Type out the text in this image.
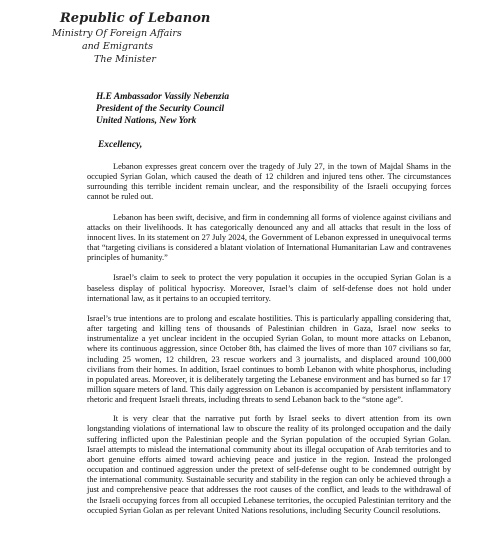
Republic of Lebanon
Ministry Of Foreign Affairs
and Emigrants
The Minister
H.E Ambassador Vassily Nebenzia
President of the Security Council
United Nations, New York
Excellency,

Lebanon expresses great concern over the tragedy of July 27, in the town of Majdal Shams in the occupied Syrian Golan, which caused the death of 12 children and injured tens other. The circumstances surrounding this terrible incident remain unclear, and the responsibility of the Israeli occupying forces cannot be ruled out.

Lebanon has been swift, decisive, and firm in condemning all forms of violence against civilians and attacks on their livelihoods. It has categorically denounced any and all attacks that result in the loss of innocent lives. In its statement on 27 July 2024, the Government of Lebanon expressed in unequivocal terms that “targeting civilians is considered a blatant violation of International Humanitarian Law and contravenes principles of humanity.”

Israel’s claim to seek to protect the very population it occupies in the occupied Syrian Golan is a baseless display of political hypocrisy. Moreover, Israel’s claim of self-defense does not hold under international law, as it pertains to an occupied territory.

Israel’s true intentions are to prolong and escalate hostilities. This is particularly appalling considering that, after targeting and killing tens of thousands of Palestinian children in Gaza, Israel now seeks to instrumentalize a yet unclear incident in the occupied Syrian Golan, to mount more attacks on Lebanon, where its continuous aggression, since October 8th, has claimed the lives of more than 107 civilians so far, including 25 women, 12 children, 23 rescue workers and 3 journalists, and displaced around 100,000 civilians from their homes. In addition, Israel continues to bomb Lebanon with white phosphorus, including in populated areas. Moreover, it is deliberately targeting the Lebanese environment and has burned so far 17 million square meters of land. This daily aggression on Lebanon is accompanied by persistent inflammatory rhetoric and frequent Israeli threats, including threats to send Lebanon back to the “stone age”.

It is very clear that the narrative put forth by Israel seeks to divert attention from its own longstanding violations of international law to obscure the reality of its prolonged occupation and the daily suffering inflicted upon the Palestinian people and the Syrian population of the occupied Syrian Golan. Israel attempts to mislead the international community about its illegal occupation of Arab territories and to abort genuine efforts aimed toward achieving peace and justice in the region. Instead the prolonged occupation and continued aggression under the pretext of self-defense ought to be condemned outright by the international community. Sustainable security and stability in the region can only be achieved through a just and comprehensive peace that addresses the root causes of the conflict, and leads to the withdrawal of the Israeli occupying forces from all occupied Lebanese territories, the occupied Palestinian territory and the occupied Syrian Golan as per relevant United Nations resolutions, including Security Council resolutions.
